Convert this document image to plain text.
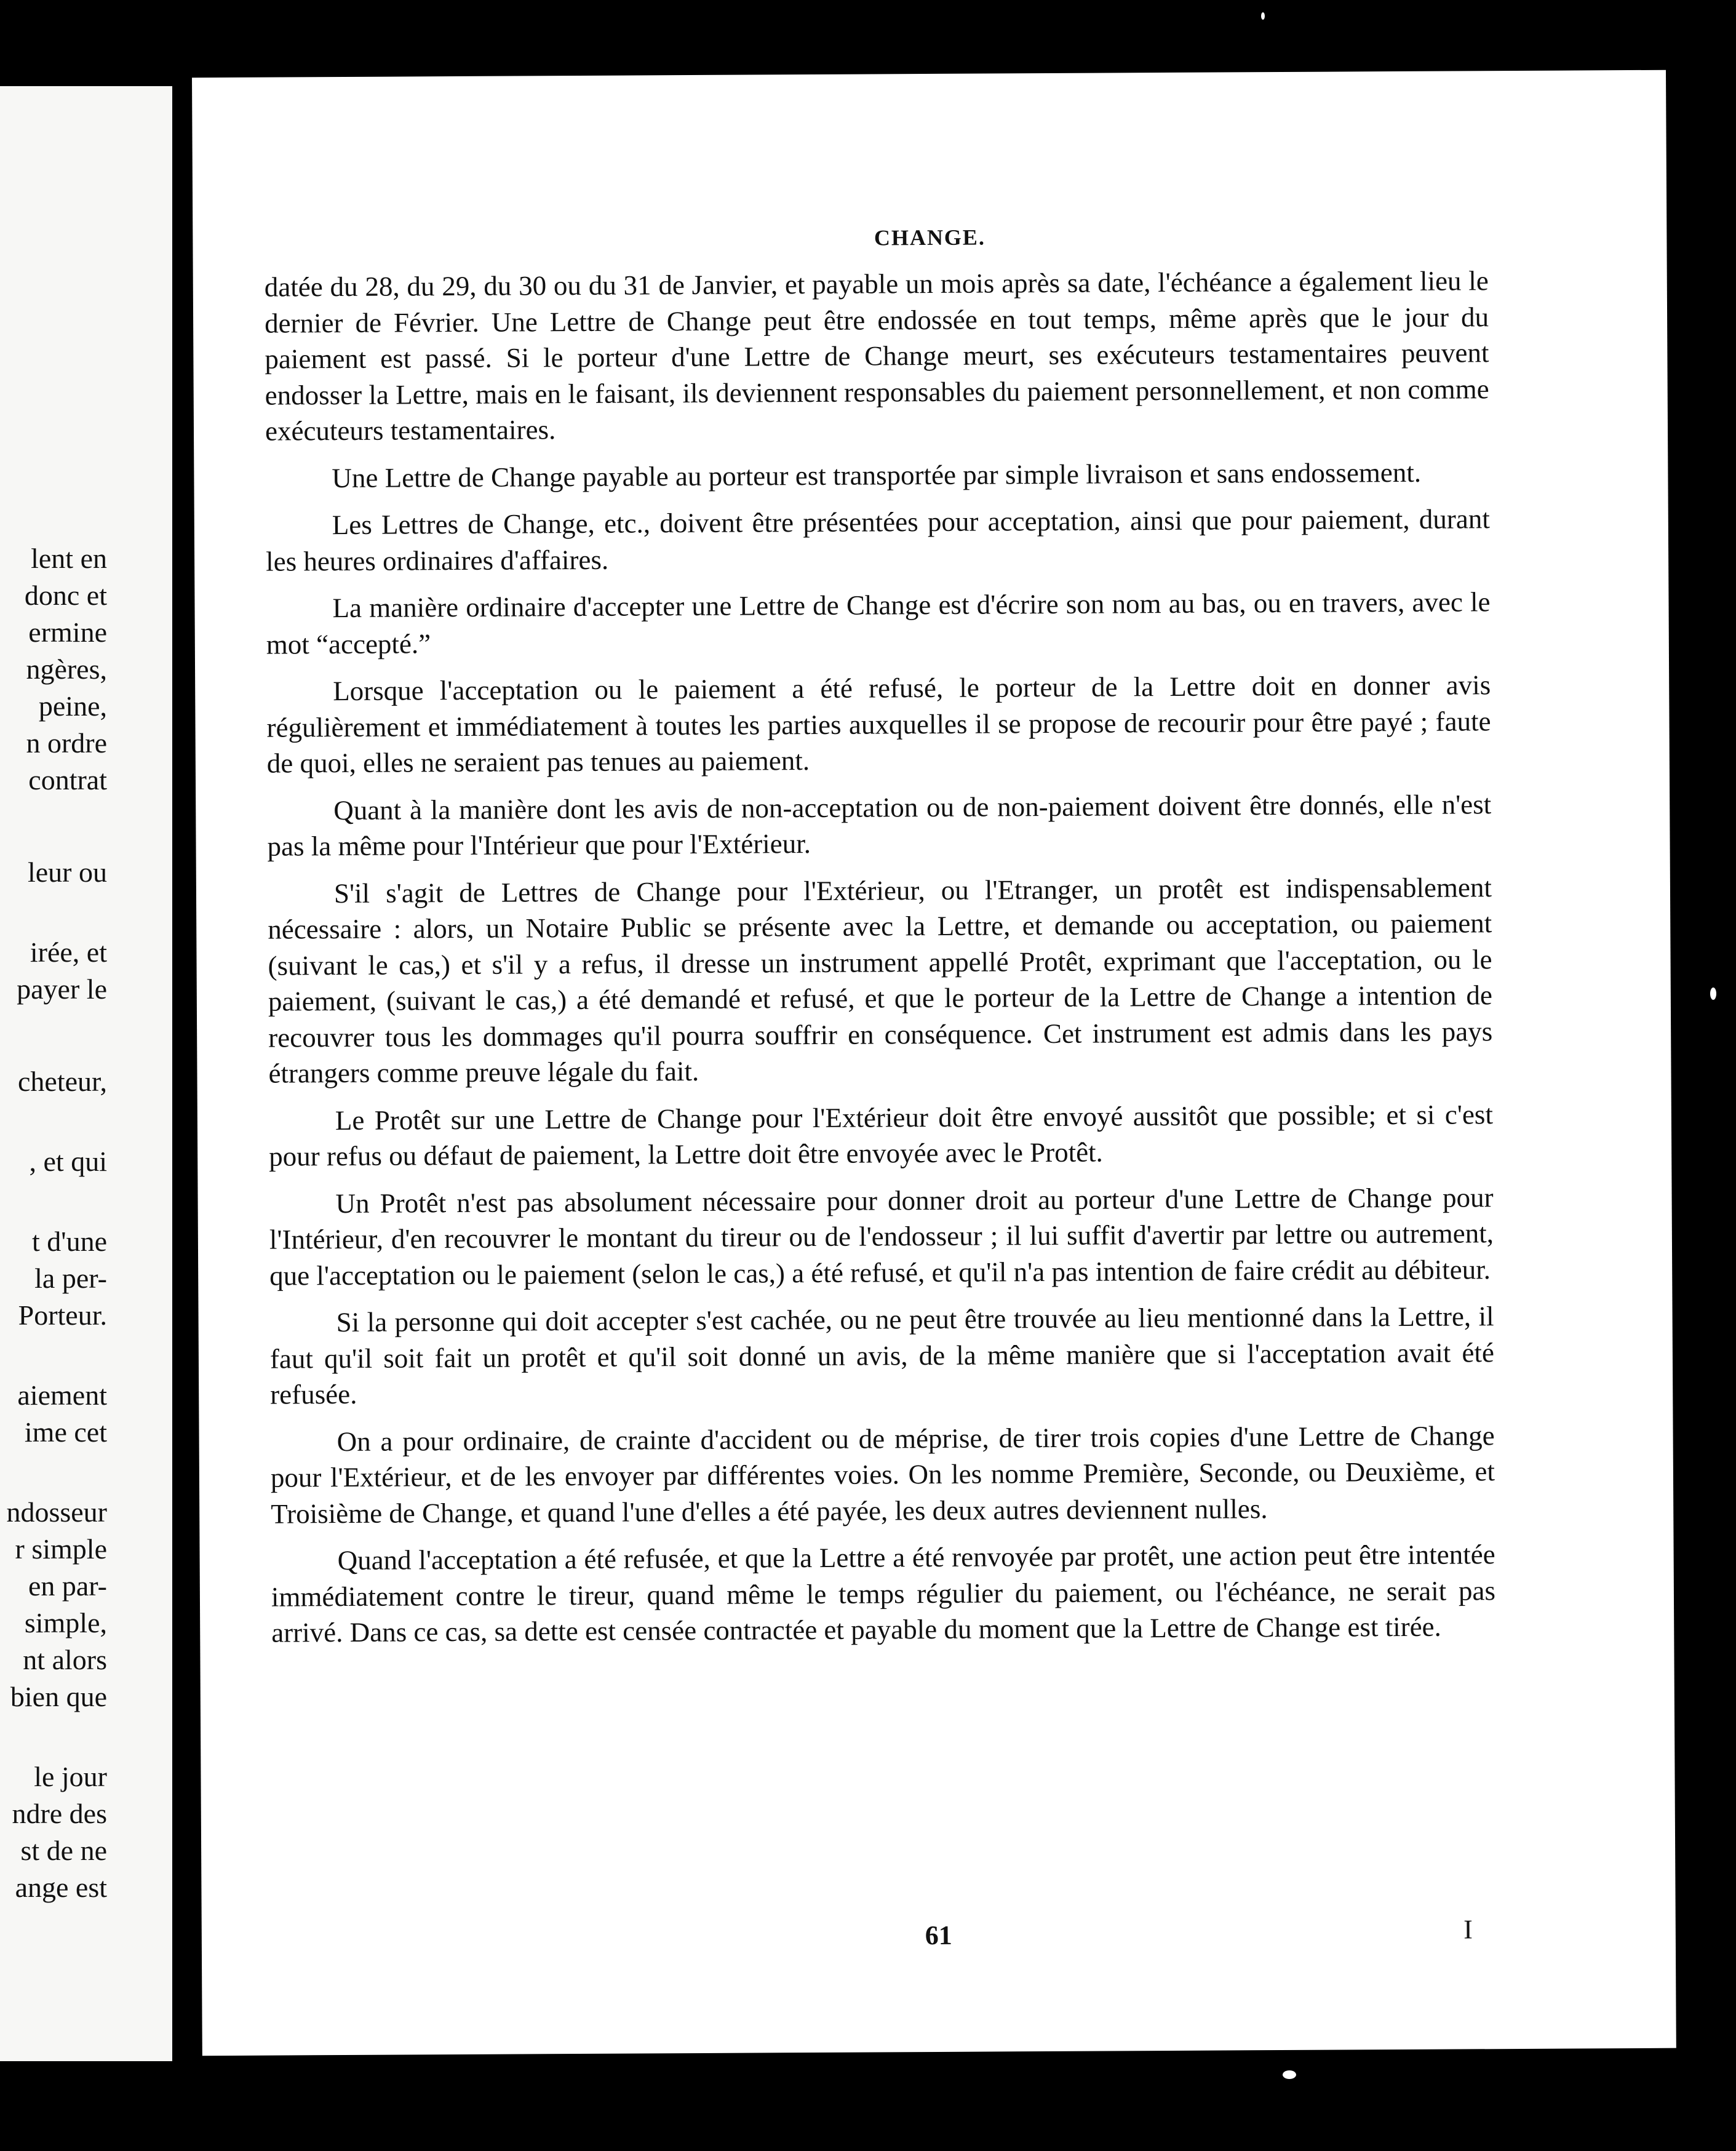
lent en
donc et
ermine
ngères,
peine,
n ordre
contrat
leur ou
irée, et
payer le
cheteur,
, et qui
t d'une
la per-
Porteur.
aiement
ime cet
ndosseur
r simple
en par-
simple,
nt alors
bien que
le jour
ndre des
st de ne
ange est
CHANGE.

datée du 28, du 29, du 30 ou du 31 de Janvier, et payable un mois après sa date, l'échéance a également lieu le dernier de Février. Une Lettre de Change peut être endossée en tout temps, même après que le jour du paiement est passé. Si le porteur d'une Lettre de Change meurt, ses exécuteurs testamentaires peuvent endosser la Lettre, mais en le faisant, ils deviennent responsables du paiement personnellement, et non comme exécuteurs testamentaires.

Une Lettre de Change payable au porteur est transportée par simple livraison et sans endossement.

Les Lettres de Change, etc., doivent être présentées pour acceptation, ainsi que pour paiement, durant les heures ordinaires d'affaires.

La manière ordinaire d'accepter une Lettre de Change est d'écrire son nom au bas, ou en travers, avec le mot “accepté.”

Lorsque l'acceptation ou le paiement a été refusé, le porteur de la Lettre doit en donner avis régulièrement et immédiatement à toutes les parties auxquelles il se propose de recourir pour être payé ; faute de quoi, elles ne seraient pas tenues au paiement.

Quant à la manière dont les avis de non-acceptation ou de non-paiement doivent être donnés, elle n'est pas la même pour l'Intérieur que pour l'Extérieur.

S'il s'agit de Lettres de Change pour l'Extérieur, ou l'Etranger, un protêt est indispensablement nécessaire : alors, un Notaire Public se présente avec la Lettre, et demande ou acceptation, ou paiement (suivant le cas,) et s'il y a refus, il dresse un instrument appellé Protêt, exprimant que l'acceptation, ou le paiement, (suivant le cas,) a été demandé et refusé, et que le porteur de la Lettre de Change a intention de recouvrer tous les dommages qu'il pourra souffrir en conséquence. Cet instrument est admis dans les pays étrangers comme preuve légale du fait.

Le Protêt sur une Lettre de Change pour l'Extérieur doit être envoyé aussitôt que possible; et si c'est pour refus ou défaut de paiement, la Lettre doit être envoyée avec le Protêt.

Un Protêt n'est pas absolument nécessaire pour donner droit au porteur d'une Lettre de Change pour l'Intérieur, d'en recouvrer le montant du tireur ou de l'endosseur ; il lui suffit d'avertir par lettre ou autrement, que l'acceptation ou le paiement (selon le cas,) a été refusé, et qu'il n'a pas intention de faire crédit au débiteur.

Si la personne qui doit accepter s'est cachée, ou ne peut être trouvée au lieu mentionné dans la Lettre, il faut qu'il soit fait un protêt et qu'il soit donné un avis, de la même manière que si l'acceptation avait été refusée.

On a pour ordinaire, de crainte d'accident ou de méprise, de tirer trois copies d'une Lettre de Change pour l'Extérieur, et de les envoyer par différentes voies. On les nomme Première, Seconde, ou Deuxième, et Troisième de Change, et quand l'une d'elles a été payée, les deux autres deviennent nulles.

Quand l'acceptation a été refusée, et que la Lettre a été renvoyée par protêt, une action peut être intentée immédiatement contre le tireur, quand même le temps régulier du paiement, ou l'échéance, ne serait pas arrivé. Dans ce cas, sa dette est censée contractée et payable du moment que la Lettre de Change est tirée.

61	I
